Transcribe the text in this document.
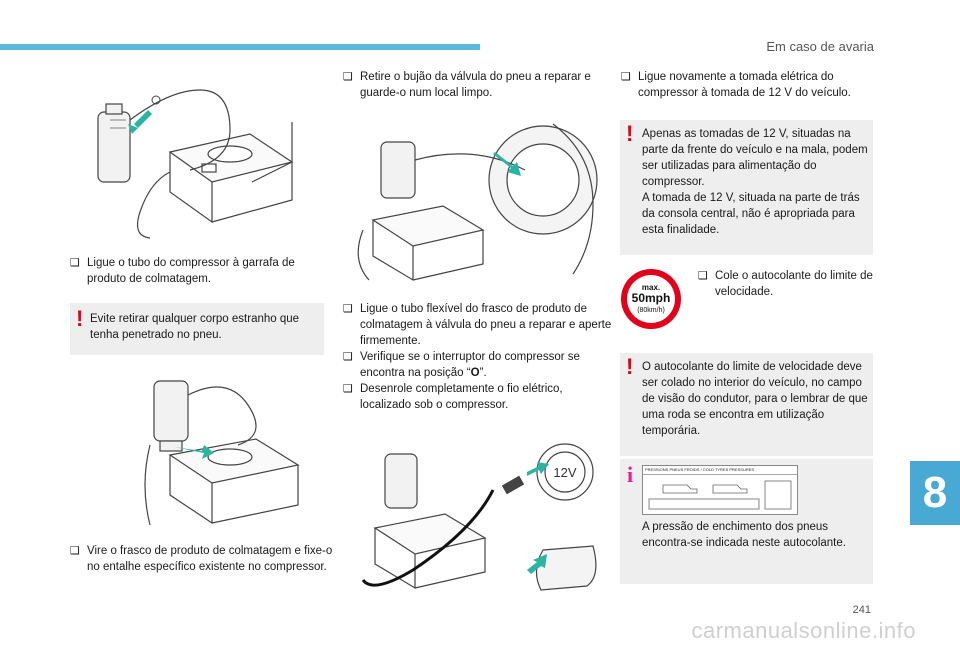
Em caso de avaria
8
241
carmanualsonline.info
❑ Ligue o tubo do compressor à garrafa de produto de colmatagem.
! Evite retirar qualquer corpo estranho que tenha penetrado no pneu.
❑ Vire o frasco de produto de colmatagem e fixe-o no entalhe específico existente no compressor.
❑ Retire o bujão da válvula do pneu a reparar e guarde-o num local limpo.
❑ Ligue o tubo flexível do frasco de produto de colmatagem à válvula do pneu a reparar e aperte firmemente.
❑ Verifique se o interruptor do compressor se encontra na posição “O”.
❑ Desenrole completamente o fio elétrico, localizado sob o compressor.
12V
❑ Ligue novamente a tomada elétrica do compressor à tomada de 12 V do veículo.
! Apenas as tomadas de 12 V, situadas na parte da frente do veículo e na mala, podem ser utilizadas para alimentação do compressor.
A tomada de 12 V, situada na parte de trás da consola central, não é apropriada para esta finalidade.
max.
50mph
(80km/h)
❑ Cole o autocolante do limite de velocidade.
! O autocolante do limite de velocidade deve ser colado no interior do veículo, no campo de visão do condutor, para o lembrar de que uma roda se encontra em utilização temporária.
i	PRESSIONS PNEUS FROIDS / COLD TYRES PRESSURES
A pressão de enchimento dos pneus encontra-se indicada neste autocolante.
